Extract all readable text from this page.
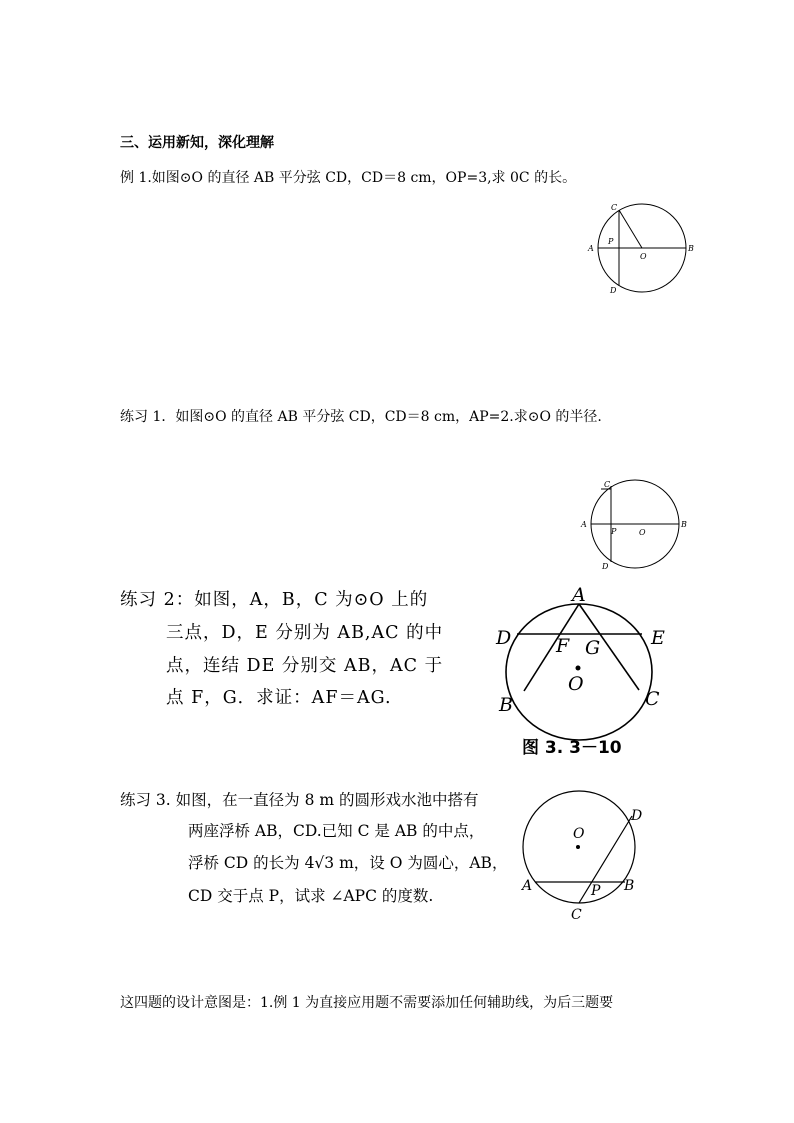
三、运用新知，深化理解
例 1.如图⊙O 的直径 AB 平分弦 CD，CD＝8 cm，OP=3,求 0C 的长。
C
P
A
O
B
D
练习 1．如图⊙O 的直径 AB 平分弦 CD，CD＝8 cm，AP=2.求⊙O 的半径.
C
A
P	O
B
D
练习 2：如图，A，B，C 为⊙O 上的
三点，D，E 分别为 AB,AC 的中
点，连结 DE 分别交 AB，AC 于
点 F，G．求证：AF＝AG.
A
D	E
F G
O
B	C
图 3. 3－10
练习 3. 如图，在一直径为 8 m 的圆形戏水池中搭有
两座浮桥 AB，CD.已知 C 是 AB 的中点，
浮桥 CD 的长为 4√3 m，设 O 为圆心，AB，
CD 交于点 P，试求 ∠APC 的度数.
O
D
A	P B
C
这四题的设计意图是：1.例 1 为直接应用题不需要添加任何辅助线，为后三题要
